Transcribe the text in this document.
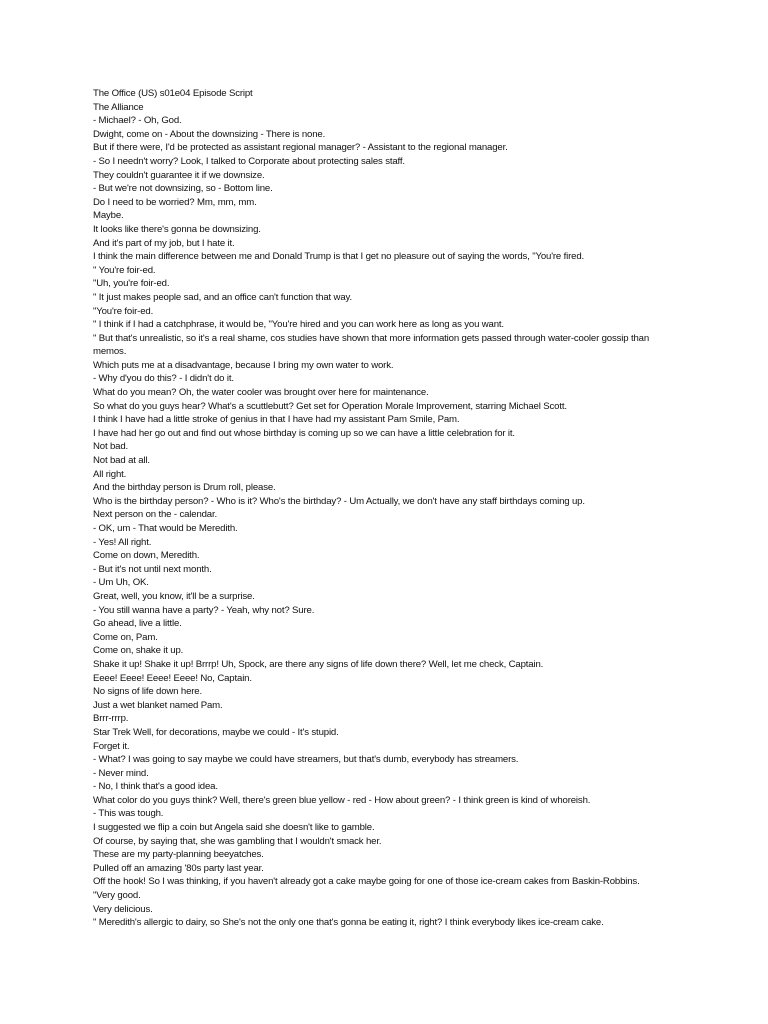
The Office (US) s01e04 Episode Script

The Alliance

- Michael? - Oh, God.

Dwight, come on - About the downsizing - There is none.

But if there were, I'd be protected as assistant regional manager? - Assistant to the regional manager.

- So I needn't worry? Look, I talked to Corporate about protecting sales staff.

They couldn't guarantee it if we downsize.

- But we're not downsizing, so - Bottom line.

Do I need to be worried? Mm, mm, mm.

Maybe.

It looks like there's gonna be downsizing.

And it's part of my job, but I hate it.

I think the main difference between me and Donald Trump is that I get no pleasure out of saying the words, "You're fired.

" You're foir-ed.

"Uh, you're foir-ed.

" It just makes people sad, and an office can't function that way.

"You're foir-ed.

" I think if I had a catchphrase, it would be, "You're hired and you can work here as long as you want.

" But that's unrealistic, so it's a real shame, cos studies have shown that more information gets passed through water-cooler gossip than memos.

Which puts me at a disadvantage, because I bring my own water to work.

- Why d'you do this? - I didn't do it.

What do you mean? Oh, the water cooler was brought over here for maintenance.

So what do you guys hear? What's a scuttlebutt? Get set for Operation Morale Improvement, starring Michael Scott.

I think I have had a little stroke of genius in that I have had my assistant Pam Smile, Pam.

I have had her go out and find out whose birthday is coming up so we can have a little celebration for it.

Not bad.

Not bad at all.

All right.

And the birthday person is Drum roll, please.

Who is the birthday person? - Who is it? Who's the birthday? - Um Actually, we don't have any staff birthdays coming up.

Next person on the - calendar.

- OK, um - That would be Meredith.

- Yes! All right.

Come on down, Meredith.

- But it's not until next month.

- Um Uh, OK.

Great, well, you know, it'll be a surprise.

- You still wanna have a party? - Yeah, why not? Sure.

Go ahead, live a little.

Come on, Pam.

Come on, shake it up.

Shake it up! Shake it up! Brrrp! Uh, Spock, are there any signs of life down there? Well, let me check, Captain.

Eeee! Eeee! Eeee! Eeee! No, Captain.

No signs of life down here.

Just a wet blanket named Pam.

Brrr-rrrp.

Star Trek Well, for decorations, maybe we could - It's stupid.

Forget it.

- What? I was going to say maybe we could have streamers, but that's dumb, everybody has streamers.

- Never mind.

- No, I think that's a good idea.

What color do you guys think? Well, there's green blue yellow - red - How about green? - I think green is kind of whoreish.

- This was tough.

I suggested we flip a coin but Angela said she doesn't like to gamble.

Of course, by saying that, she was gambling that I wouldn't smack her.

These are my party-planning beeyatches.

Pulled off an amazing '80s party last year.

Off the hook! So I was thinking, if you haven't already got a cake maybe going for one of those ice-cream cakes from Baskin-Robbins.

"Very good.

Very delicious.

" Meredith's allergic to dairy, so She's not the only one that's gonna be eating it, right? I think everybody likes ice-cream cake.
